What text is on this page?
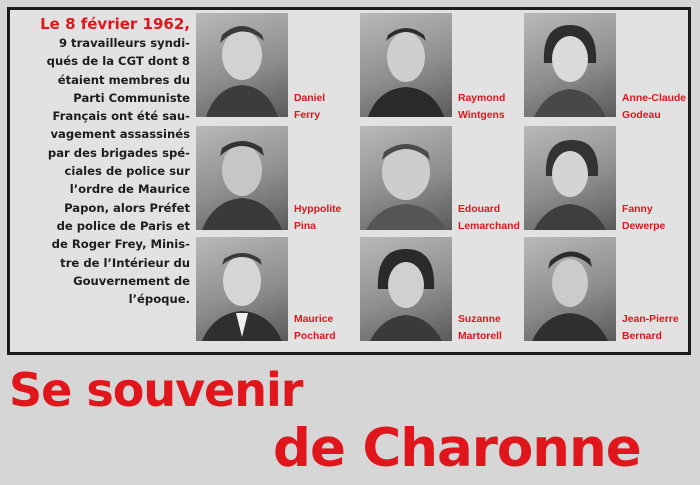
Le 8 février 1962,
9 travailleurs syndi-
qués de la CGT dont 8
étaient membres du
Parti Communiste
Français ont été sau-
vagement assassinés
par des brigades spé-
ciales de police sur
l’ordre de Maurice
Papon, alors Préfet
de police de Paris et
de Roger Frey, Minis-
tre de l’Intérieur du
Gouvernement de
l’époque.
Daniel
Ferry
Raymond
Wintgens
Anne-Claude
Godeau
Hyppolite
Pina
Edouard
Lemarchand
Fanny
Dewerpe
Maurice
Pochard
Suzanne
Martorell
Jean-Pierre
Bernard
Se souvenir
de Charonne
